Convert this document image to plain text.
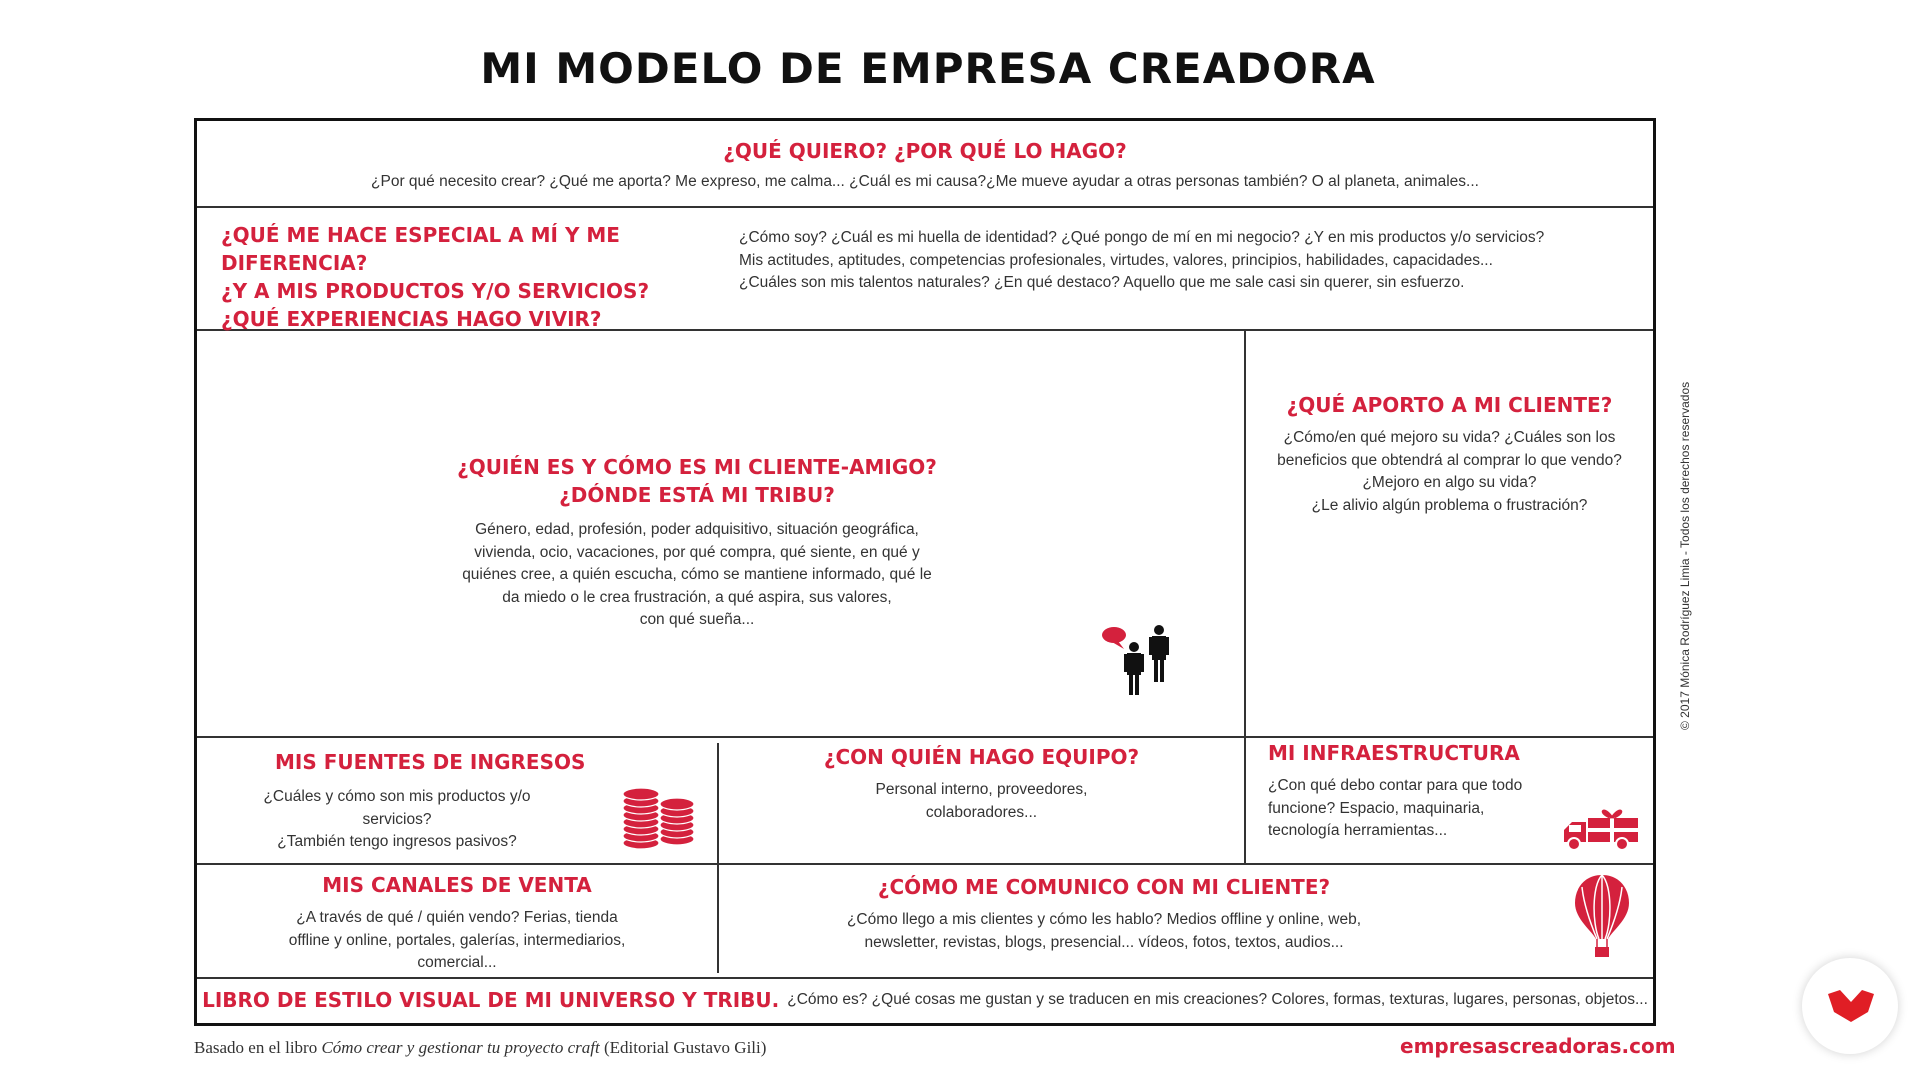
MI MODELO DE EMPRESA CREADORA
¿QUÉ QUIERO? ¿POR QUÉ LO HAGO?
¿Por qué necesito crear? ¿Qué me aporta? Me expreso, me calma... ¿Cuál es mi causa?¿Me mueve ayudar a otras personas también? O al planeta, animales...
¿QUÉ ME HACE ESPECIAL A MÍ Y ME DIFERENCIA?
¿Y A MIS PRODUCTOS Y/O SERVICIOS?
¿QUÉ EXPERIENCIAS HAGO VIVIR?
¿Cómo soy? ¿Cuál es mi huella de identidad? ¿Qué pongo de mí en mi negocio? ¿Y en mis productos y/o servicios?
Mis actitudes, aptitudes, competencias profesionales, virtudes, valores, principios, habilidades, capacidades...
¿Cuáles son mis talentos naturales? ¿En qué destaco? Aquello que me sale casi sin querer, sin esfuerzo.
¿QUIÉN ES Y CÓMO ES MI CLIENTE-AMIGO?
¿DÓNDE ESTÁ MI TRIBU?
Género, edad, profesión, poder adquisitivo, situación geográfica,
vivienda, ocio, vacaciones, por qué compra, qué siente, en qué y
quiénes cree, a quién escucha, cómo se mantiene informado, qué le
da miedo o le crea frustración, a qué aspira, sus valores,
con qué sueña...
¿QUÉ APORTO A MI CLIENTE?
¿Cómo/en qué mejoro su vida? ¿Cuáles son los
beneficios que obtendrá al comprar lo que vendo?
¿Mejoro en algo su vida?
¿Le alivio algún problema o frustración?
MIS FUENTES DE INGRESOS
¿Cuáles y cómo son mis productos y/o servicios?
¿También tengo ingresos pasivos?
¿CON QUIÉN HAGO EQUIPO?
Personal interno, proveedores,
colaboradores...
MI INFRAESTRUCTURA
¿Con qué debo contar para que todo
funcione? Espacio, maquinaria,
tecnología herramientas...
MIS CANALES DE VENTA
¿A través de qué / quién vendo? Ferias, tienda
offline y online, portales, galerías, intermediarios,
comercial...
¿CÓMO ME COMUNICO CON MI CLIENTE?
¿Cómo llego a mis clientes y cómo les hablo? Medios offline y online, web,
newsletter, revistas, blogs, presencial... vídeos, fotos, textos, audios...
LIBRO DE ESTILO VISUAL DE MI UNIVERSO Y TRIBU. ¿Cómo es? ¿Qué cosas me gustan y se traducen en mis creaciones? Colores, formas, texturas, lugares, personas, objetos...
© 2017 Mónica Rodríguez Limia - Todos los derechos reservados
Basado en el libro Cómo crear y gestionar tu proyecto craft (Editorial Gustavo Gili)	empresascreadoras.com
